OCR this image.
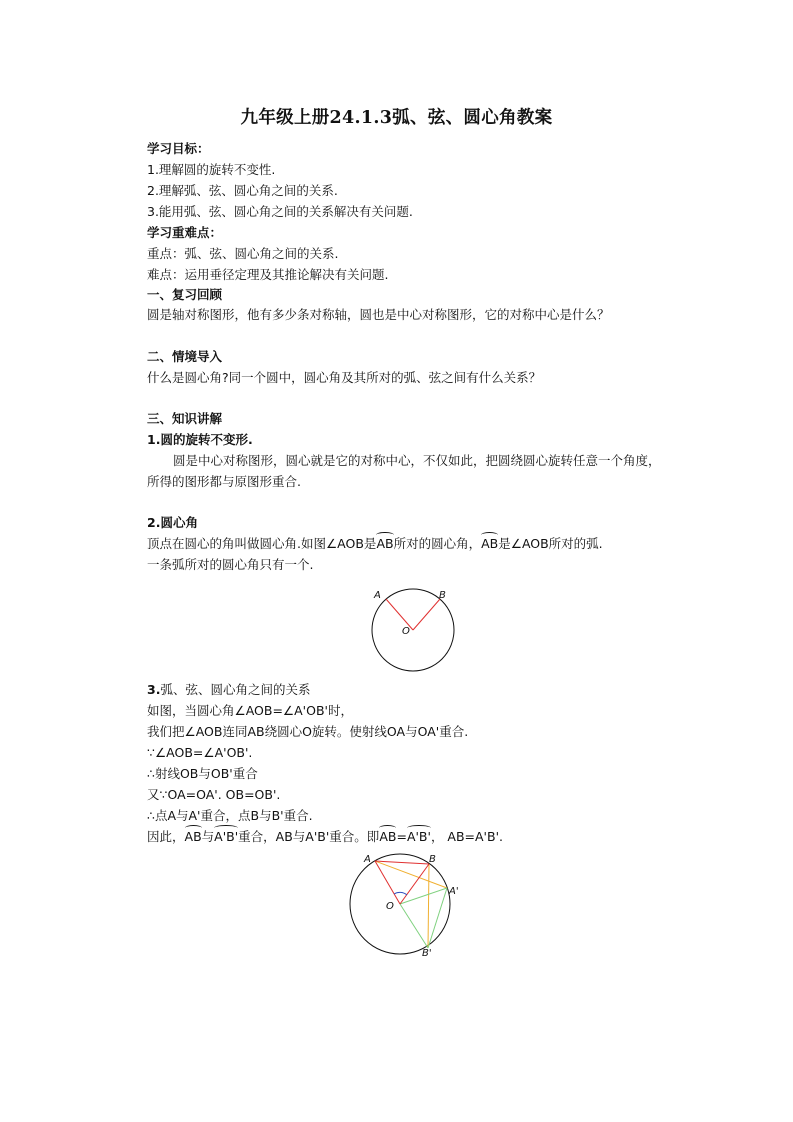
九年级上册24.1.3弧、弦、圆心角教案
学习目标：
1.理解圆的旋转不变性.
2.理解弧、弦、圆心角之间的关系.
3.能用弧、弦、圆心角之间的关系解决有关问题.
学习重难点：
重点：弧、弦、圆心角之间的关系.
难点：运用垂径定理及其推论解决有关问题.
一、复习回顾
圆是轴对称图形，他有多少条对称轴，圆也是中心对称图形，它的对称中心是什么？
二、情境导入
什么是圆心角?同一个圆中，圆心角及其所对的弧、弦之间有什么关系？
三、知识讲解
1.圆的旋转不变形.
圆是中心对称图形，圆心就是它的对称中心，不仅如此，把圆绕圆心旋转任意一个角度，
所得的图形都与原图形重合.
2.圆心角
顶点在圆心的角叫做圆心角.如图∠AOB是AB所对的圆心角，AB是∠AOB所对的弧.
一条弧所对的圆心角只有一个.
A	B
O
3.弧、弦、圆心角之间的关系
如图，当圆心角∠AOB=∠A'OB'时，
我们把∠AOB连同AB绕圆心O旋转。使射线OA与OA'重合.
∵∠AOB=∠A'OB'.
∴射线OB与OB'重合
又∵OA=OA'. OB=OB'.
∴点A与A'重合，点B与B'重合.
因此，AB与A'B'重合，AB与A'B'重合。即AB=A'B'， AB=A'B'.
A	B
O
A'
B'
